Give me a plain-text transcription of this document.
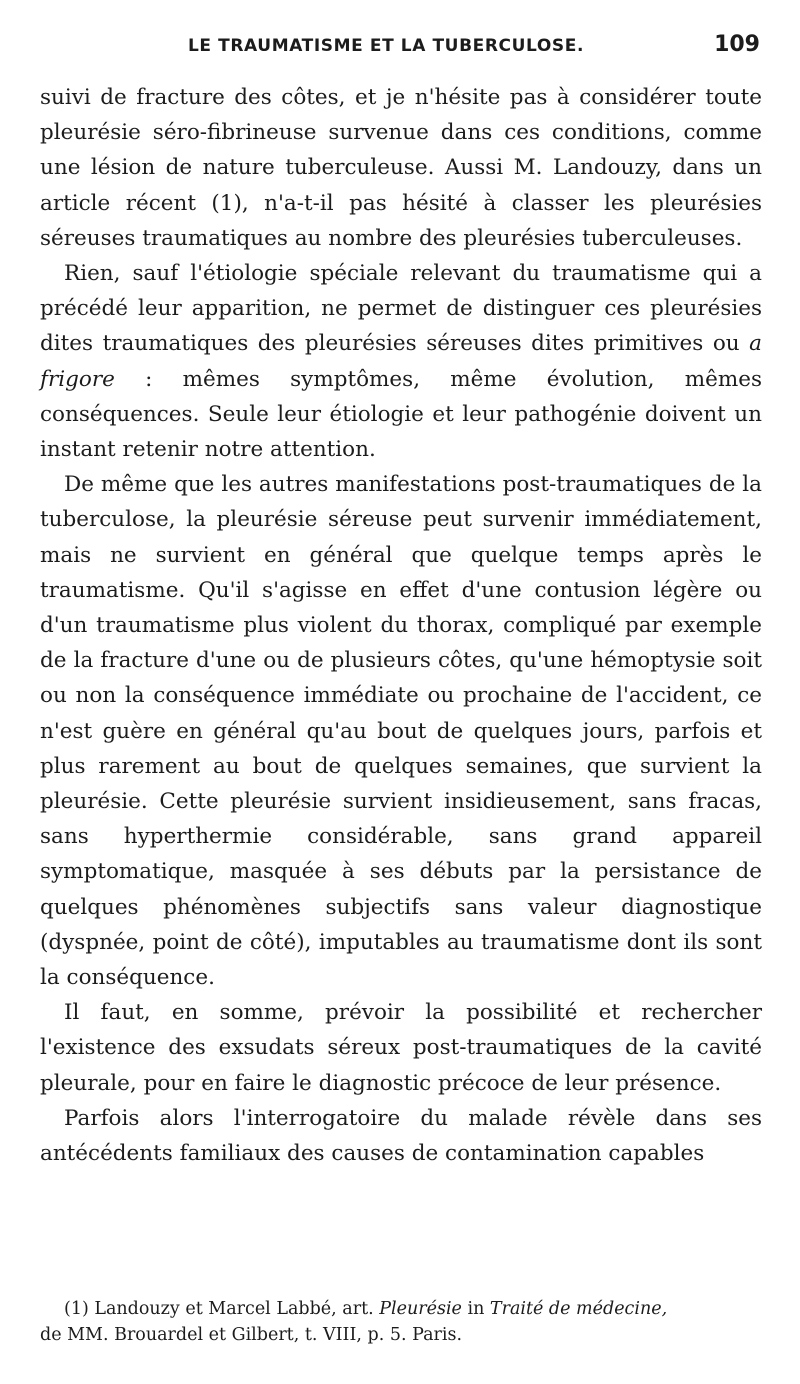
LE TRAUMATISME ET LA TUBERCULOSE.	109

suivi de fracture des côtes, et je n'hésite pas à considérer toute pleurésie séro-fibrineuse survenue dans ces conditions, comme une lésion de nature tuberculeuse. Aussi M. Landouzy, dans un article récent (1), n'a-t-il pas hésité à classer les pleurésies séreuses traumatiques au nombre des pleurésies tuberculeuses.

Rien, sauf l'étiologie spéciale relevant du traumatisme qui a précédé leur apparition, ne permet de distinguer ces pleurésies dites traumatiques des pleurésies séreuses dites primitives ou a frigore : mêmes symptômes, même évolution, mêmes conséquences. Seule leur étiologie et leur pathogénie doivent un instant retenir notre attention.

De même que les autres manifestations post-traumatiques de la tuberculose, la pleurésie séreuse peut survenir immédiatement, mais ne survient en général que quelque temps après le traumatisme. Qu'il s'agisse en effet d'une contusion légère ou d'un traumatisme plus violent du thorax, compliqué par exemple de la fracture d'une ou de plusieurs côtes, qu'une hémoptysie soit ou non la conséquence immédiate ou prochaine de l'accident, ce n'est guère en général qu'au bout de quelques jours, parfois et plus rarement au bout de quelques semaines, que survient la pleurésie. Cette pleurésie survient insidieusement, sans fracas, sans hyperthermie considérable, sans grand appareil symptomatique, masquée à ses débuts par la persistance de quelques phénomènes subjectifs sans valeur diagnostique (dyspnée, point de côté), imputables au traumatisme dont ils sont la conséquence.

Il faut, en somme, prévoir la possibilité et rechercher l'existence des exsudats séreux post-traumatiques de la cavité pleurale, pour en faire le diagnostic précoce de leur présence.

Parfois alors l'interrogatoire du malade révèle dans ses antécédents familiaux des causes de contamination capables

(1) Landouzy et Marcel Labbé, art. Pleurésie in Traité de médecine,
de MM. Brouardel et Gilbert, t. VIII, p. 5. Paris.
